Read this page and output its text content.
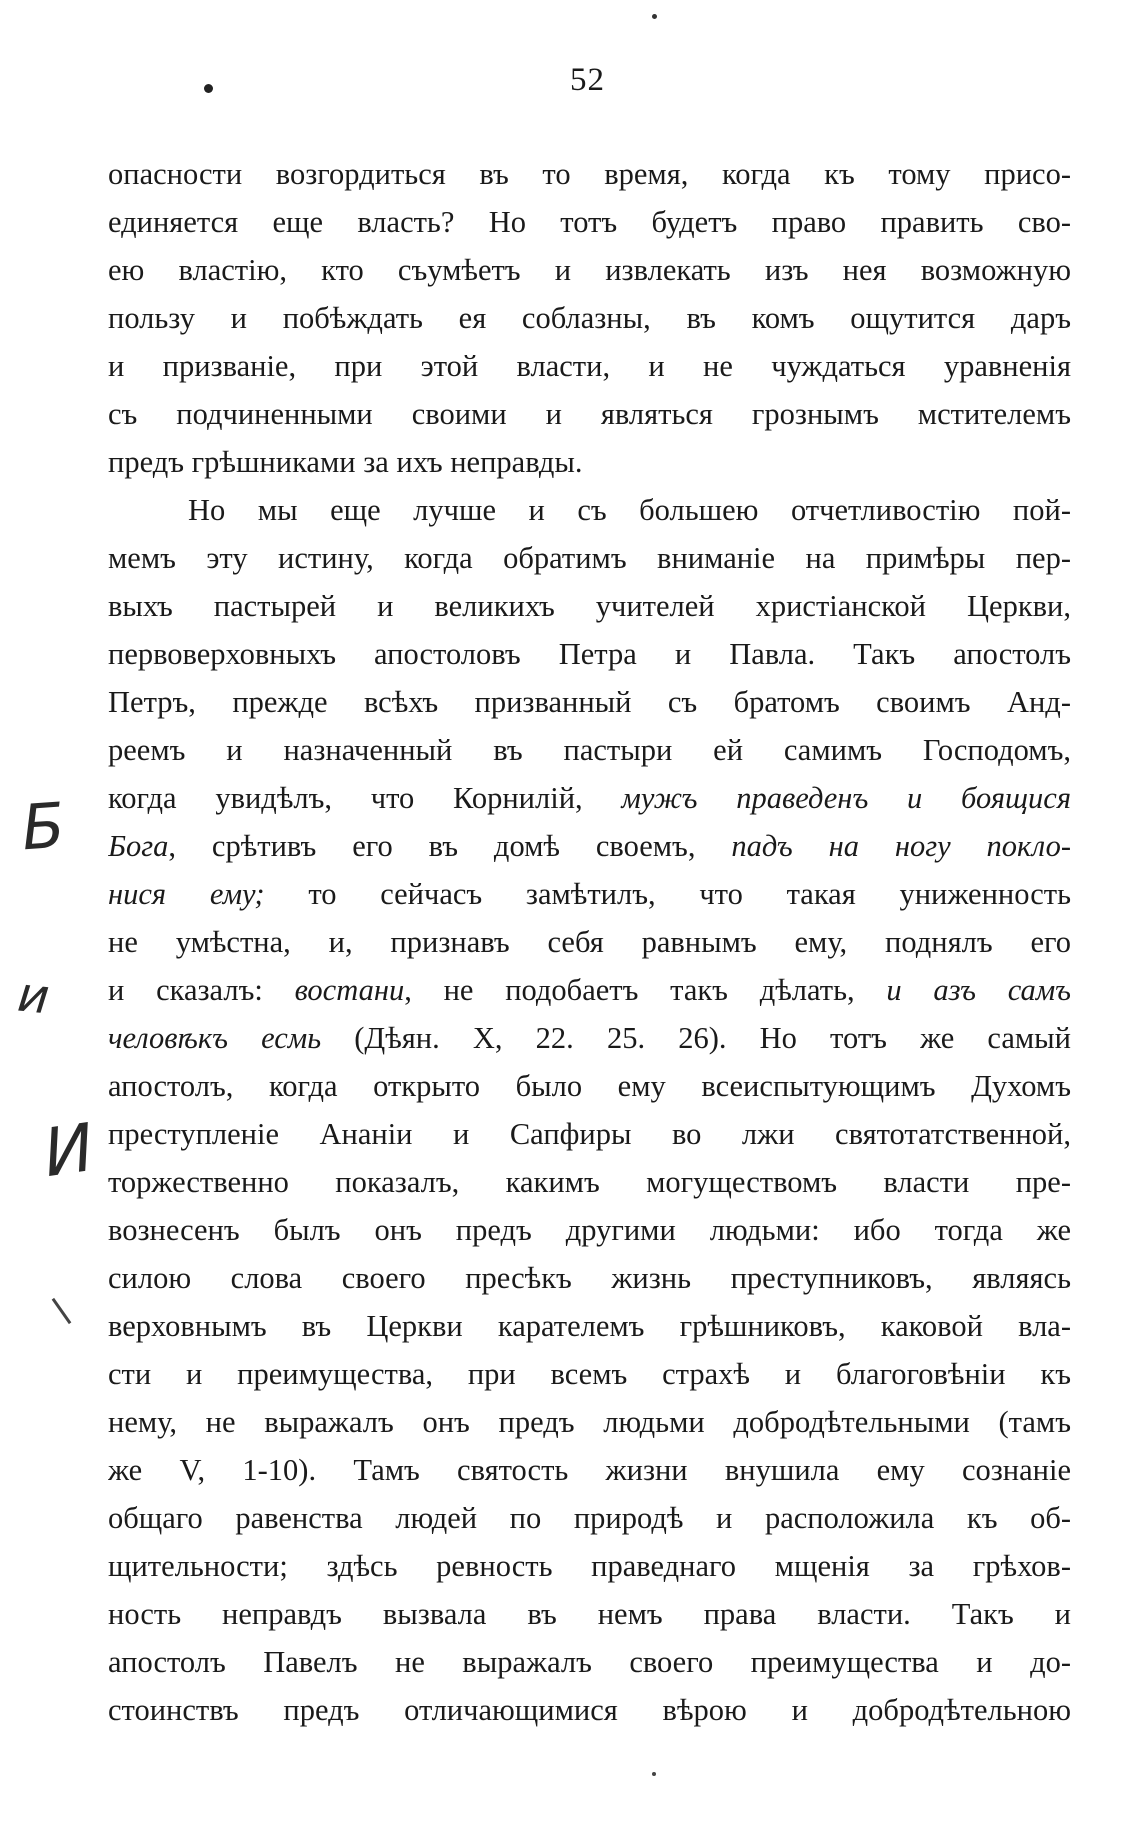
52
опасности возгордиться въ то время, когда къ тому присо-
единяется еще власть? Но тотъ будетъ право править сво-
ею властію, кто съумѣетъ и извлекать изъ нея возможную
пользу и побѣждать ея соблазны, въ комъ ощутится даръ
и призваніе, при этой власти, и не чуждаться уравненія
съ подчиненными своими и являться грознымъ мстителемъ
предъ грѣшниками за ихъ неправды.
Но мы еще лучше и съ большею отчетливостію пой-
мемъ эту истину, когда обратимъ вниманіе на примѣры пер-
выхъ пастырей и великихъ учителей христіанской Церкви,
первоверховныхъ апостоловъ Петра и Павла. Такъ апостолъ
Петръ, прежде всѣхъ призванный съ братомъ своимъ Анд-
реемъ и назначенный въ пастыри ей самимъ Господомъ,
когда увидѣлъ, что Корнилій, мужъ праведенъ и боящися
Бога, срѣтивъ его въ домѣ своемъ, падъ на ногу покло-
нися ему; то сейчасъ замѣтилъ, что такая униженность
не умѣстна, и, признавъ себя равнымъ ему, поднялъ его
и сказалъ: востани, не подобаетъ такъ дѣлать, и азъ самъ
человѣкъ есмь (Дѣян. X, 22. 25. 26). Но тотъ же самый
апостолъ, когда открыто было ему всеиспытующимъ Духомъ
преступленіе Ананіи и Сапфиры во лжи святотатственной,
торжественно показалъ, какимъ могуществомъ власти пре-
вознесенъ былъ онъ предъ другими людьми: ибо тогда же
силою слова своего пресѣкъ жизнь преступниковъ, являясь
верховнымъ въ Церкви карателемъ грѣшниковъ, каковой вла-
сти и преимущества, при всемъ страхѣ и благоговѣніи къ
нему, не выражалъ онъ предъ людьми добродѣтельными (тамъ
же V, 1-10). Тамъ святость жизни внушила ему сознаніе
общаго равенства людей по природѣ и расположила къ об-
щительности; здѣсь ревность праведнаго мщенія за грѣхов-
ность неправдъ вызвала въ немъ права власти. Такъ и
апостолъ Павелъ не выражалъ своего преимущества и до-
стоинствъ предъ отличающимися вѣрою и добродѣтельною
Б
и
И
